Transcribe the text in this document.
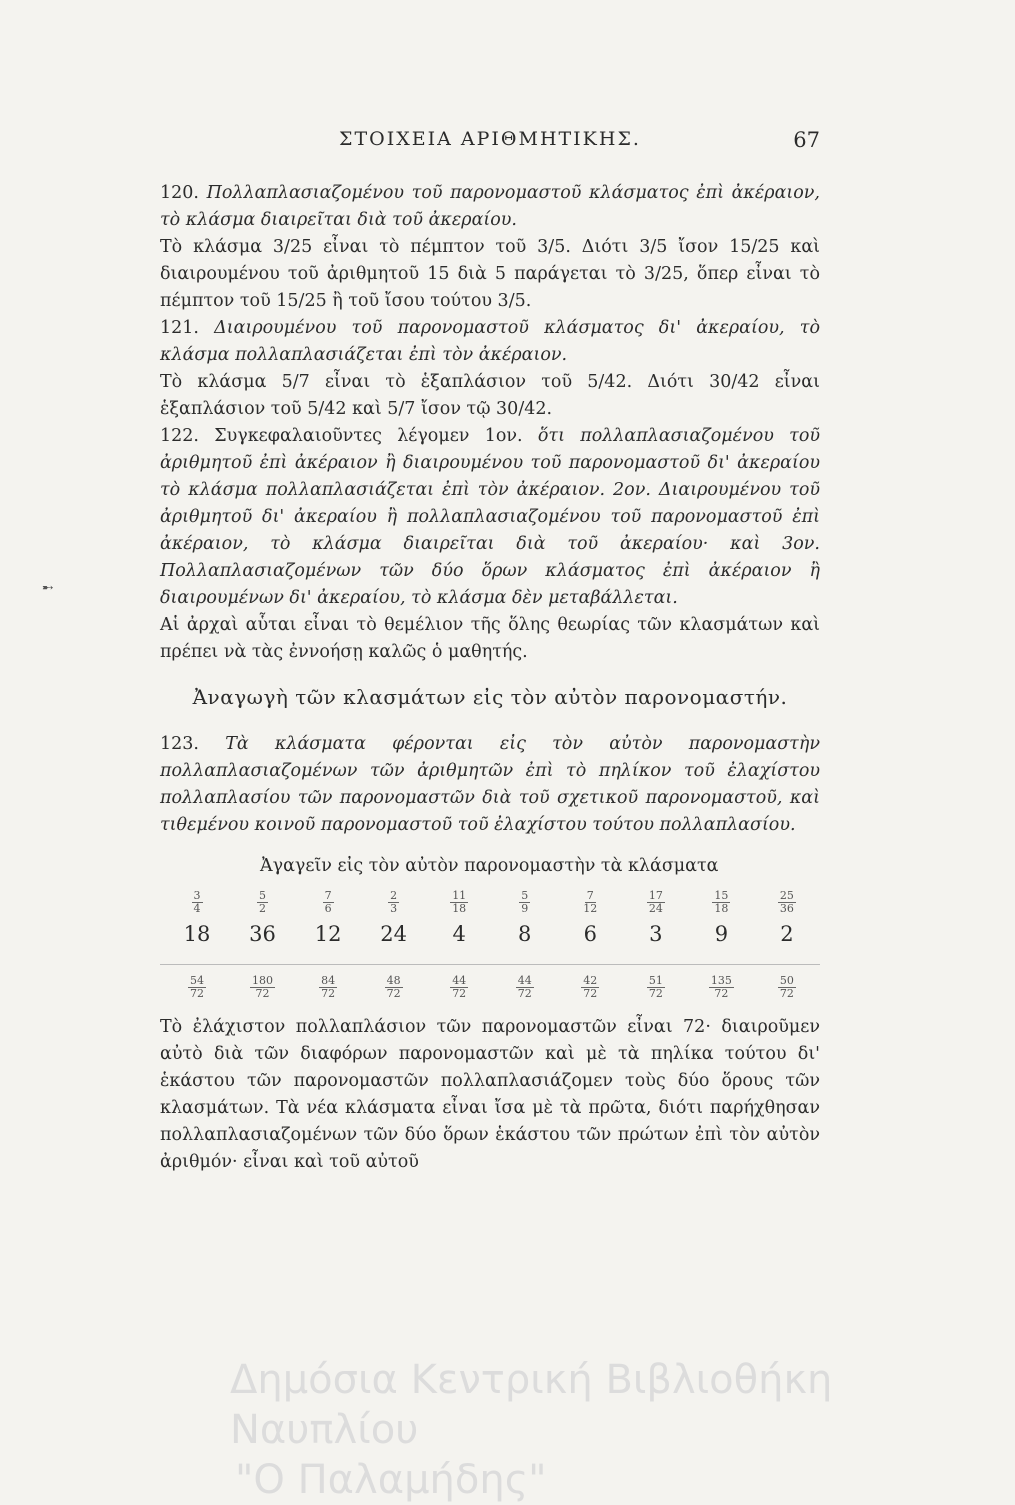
➸
ΣΤΟΙΧΕΙΑ ΑΡΙΘΜΗΤΙΚΗΣ.	67

120. Πολλαπλασιαζομένου τοῦ παρονομαστοῦ κλάσματος ἐπὶ ἀκέραιον, τὸ κλάσμα διαιρεῖται διὰ τοῦ ἀκεραίου.

Τὸ κλάσμα 3/25 εἶναι τὸ πέμπτον τοῦ 3/5. Διότι 3/5 ἴσον 15/25 καὶ διαιρουμένου τοῦ ἀριθμητοῦ 15 διὰ 5 παράγεται τὸ 3/25, ὅπερ εἶναι τὸ πέμπτον τοῦ 15/25 ἢ τοῦ ἴσου τούτου 3/5.

121. Διαιρουμένου τοῦ παρονομαστοῦ κλάσματος δι' ἀκεραίου, τὸ κλάσμα πολλαπλασιάζεται ἐπὶ τὸν ἀκέραιον.

Τὸ κλάσμα 5/7 εἶναι τὸ ἑξαπλάσιον τοῦ 5/42. Διότι 30/42 εἶναι ἑξαπλάσιον τοῦ 5/42 καὶ 5/7 ἴσον τῷ 30/42.

122. Συγκεφαλαιοῦντες λέγομεν 1ον. ὅτι πολλαπλασιαζομένου τοῦ ἀριθμητοῦ ἐπὶ ἀκέραιον ἢ διαιρουμένου τοῦ παρονομαστοῦ δι' ἀκεραίου τὸ κλάσμα πολλαπλασιάζεται ἐπὶ τὸν ἀκέραιον. 2ον. Διαιρουμένου τοῦ ἀριθμητοῦ δι' ἀκεραίου ἢ πολλαπλασιαζομένου τοῦ παρονομαστοῦ ἐπὶ ἀκέραιον, τὸ κλάσμα διαιρεῖται διὰ τοῦ ἀκεραίου· καὶ 3ον. Πολλαπλασιαζομένων τῶν δύο ὅρων κλάσματος ἐπὶ ἀκέραιον ἢ διαιρουμένων δι' ἀκεραίου, τὸ κλάσμα δὲν μεταβάλλεται.

Αἱ ἀρχαὶ αὗται εἶναι τὸ θεμέλιον τῆς ὅλης θεωρίας τῶν κλασμάτων καὶ πρέπει νὰ τὰς ἐννοήσῃ καλῶς ὁ μαθητής.

Ἀναγωγὴ τῶν κλασμάτων εἰς τὸν αὐτὸν παρονομαστήν.

123. Τὰ κλάσματα φέρονται εἰς τὸν αὐτὸν παρονομαστὴν πολλαπλασιαζομένων τῶν ἀριθμητῶν ἐπὶ τὸ πηλίκον τοῦ ἐλαχίστου πολλαπλασίου τῶν παρονομαστῶν διὰ τοῦ σχετικοῦ παρονομαστοῦ, καὶ τιθεμένου κοινοῦ παρονομαστοῦ τοῦ ἐλαχίστου τούτου πολλαπλασίου.

Ἀγαγεῖν εἰς τὸν αὐτὸν παρονομαστὴν τὰ κλάσματα
$\frac{3}{4} \frac{5}{2} \frac{7}{6} \frac{2}{3} \frac{11}{18} \frac{5}{9} \frac{7}{12} \frac{17}{24} \frac{15}{18} \frac{25}{36}$
18	36	12	24	4	8	6	3	9	2
$\frac{54}{72} \frac{180}{72} \frac{84}{72} \frac{48}{72} \frac{44}{72} \frac{44}{72} \frac{42}{72} \frac{51}{72} \frac{135}{72} \frac{50}{72}$

Τὸ ἐλάχιστον πολλαπλάσιον τῶν παρονομαστῶν εἶναι 72· διαιροῦμεν αὐτὸ διὰ τῶν διαφόρων παρονομαστῶν καὶ μὲ τὰ πηλίκα τούτου δι' ἑκάστου τῶν παρονομαστῶν πολλαπλασιάζομεν τοὺς δύο ὅρους τῶν κλασμάτων. Τὰ νέα κλάσματα εἶναι ἴσα μὲ τὰ πρῶτα, διότι παρήχθησαν πολλαπλασιαζομένων τῶν δύο ὅρων ἑκάστου τῶν πρώτων ἐπὶ τὸν αὐτὸν ἀριθμόν· εἶναι καὶ τοῦ αὐτοῦ

Δημόσια Κεντρική Βιβλιοθήκη Ναυπλίου
"Ο Παλαμήδης"
